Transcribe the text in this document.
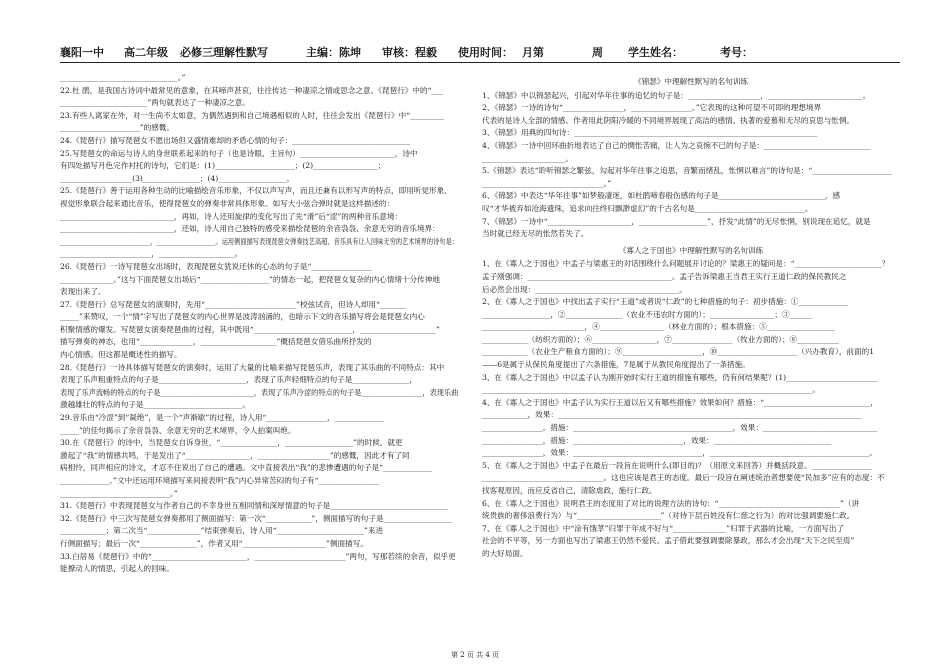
襄阳一中 高二年级 必修三理解性默写	主编：陈坤 审核：程毅 使用时间： 月第	周 学生姓名：	考号：

_______________________________。”

22.杜 鹃，是我国古诗词中最常见的意象，在其啼声甚哀，往往传达一种凄凉之情或思念之意。《琵琶行》中的“___

_______________________”两句就表达了一种凄凉之意。

23.有些人离家在外，对一生尚不太如意，为偶然遇到和自己境遇相似的人时，往往会发出《琵琶行》中“_________

_____________________”的感慨。

24.《琵琶行》描写琵琶女不愿出场但又盛情难却的矛盾心情的句子：_______________________________

25.写琵琶女的命运与诗人的身世联系起来的句子（也是诗眼、主旨句）_________________________，诗中

有四处描写月色完作衬托的诗句，它们是：(1)_____________________；(2)_________________；

___________________(3)_______________；(4)__________________。

25.《琵琶行》善于运用各种生动的比喻描绘音乐形象，不仅以声写声，而且还兼有以形写声的特点，即用听觉形象、

视觉形象联合起来通比音乐，使得琵琶女的弹奏非常具体形象。如写大小弦合弹时就是这样描述的：

______________________________，再如，诗人还用旋律的变化写出了先“滑”后“涩”的两种音乐意境：

______________________________，还如，诗人用自己独特的感受来描绘琵琶的余音袅袅、余意无穷的音乐境界：

_____________________________，___________________。运用侧面描写表现琵琶女弹奏技艺高超、音乐具有让人回味无穷的艺术境界的诗句是：

________________________，____________________。

26.《琵琶行》一诗写琵琶女出场时，表现琵琶女犹说还休的心态的句子是“________________

______________。”这与下面琵琶女出场后“__________________”的情态一起，把琵琶女复杂的内心情绪十分传神地

表现出来了。

27.《琵琶行》总写琵琶女的演奏时，先用“________________________”校弦试音，但诗人却用“_______

_____”来赞叹，一个“情”字写出了琵琶女的内心世界是波涛汹涌的，也暗示下文的音乐描写将会是琵琶女内心

积聚情感的爆发。写琵琶女演奏琵琶曲的过程，其中既用“__________________________，____________________”

描写弹奏的神态，也用“______________，____________________”概括琵琶女借乐曲所抒发的

内心情感。但这都是概述性的描写。

28.《琵琶行》一诗具体描写琵琶女的演奏时，运用了大量的比喻来描写琵琶乐声，表现了其乐曲的不同特点：其中

表现了乐声粗重特点的句子是_______________________，表现了乐声轻细特点的句子是_______________，

表现了乐声流畅的特点的句子是__________________________，表现了乐声冷涩的特点的句子是_________________，表现乐曲

激越雄壮的特点的句子是__________________________。

29.音乐由“冷涩”到“凝绝”，是一个“声渐歇”的过程，诗人用“________________，_____________

_____”的佳句揭示了余音袅袅、余意无穷的艺术境界，令人拍案叫绝。

30.在《琵琶行》的诗中，当琵琶女自诉身世，“_______________，__________________”的时候，就更

激起了“我”的情感共鸣，于是发出了“_________________，___________________”的感慨，因此才有了同

病相怜，同声相应的诗文，才忍不住说出了自己的遭遇。文中直接表出“我”的悲惨遭遇的句子是“_____________

_____________。”文中还运用环境描写来间接表明“我”内心异常苦闷的句子有“________________

_____________________________。”

31.《琵琶行》中表现琵琶女与作者自己的不幸身世互相同情和深厚情意的句子是_______________________________

32.《琵琶行》中三次写琵琶女弹奏都用了侧面描写：第一次“____________”，侧面描写的句子是__________________

____________；第二次当“______________”结束弹奏后，诗人用“_______________________”来进

行侧面描写；最后一次“_______________”，作者又用“______________________”侧面描写。

33.白居易《琵琶行》中的“_________________________，________________________”两句，写那若续的余音，似乎更

能撩动人的情思，引起人的回味。

《锦瑟》中理解性默写的名句训练

1、《锦瑟》中以锦瑟起兴，引起对华年往事的追忆的句子是：___________________，_________________________。

2、《锦瑟》一诗的诗句“________________，________________。”它表现的这种可望不可即的理想境界

代表的是诗人全部的情感。作者用此阴阳冷暖的不同境界展现了高洁的感情、执著的爱慕和无尽的哀思与怅惘。

3、《锦瑟》用典的四句诗：________________________________________________________________

4、《锦瑟》一诗中回环曲折地表达了自己的惆怅苦痛，让人为之哀惋不已的句子是：____________________________

______________________。

5.《锦瑟》表达“聆听锦瑟之繁弦，勾起对华年往事之追思，音繁而绪乱，怅惘以难言”的诗句是：“_____________________

________________________________。”

6、《锦瑟》中表达“华年往事”如梦般凄迷，如杜鹃啼春般伤感的句子是____________________________，感

叹“才华被弃如沧海遗珠，追求向往终归飘渺虚幻”的千古名句是_____________________________。

7、《锦瑟》一诗中“______________________，__________________”，抒发“此情”的无尽怅惘，别说现在追忆，就是

当时就已经无尽的怅然若失了。

《寡人之于国也》中理解性默写的名句训练

1、在《寡人之于国也》中孟子与梁惠王的对话围绕什么问题展开讨论的？梁惠王的疑问是：“_______________________？

孟子刚强调：______________________________________。孟子告诉梁惠王当君王实行王道仁政的保民教民之

后必然会出现：______________________________________。

2、在《寡人之于国也》中找出孟子实行“王道”或者说“仁政”的七种措施的句子：初步措施：①_____________

__________________，②_______________（农业不违农时方面的）；_________________；③______

___________________________，④_________________（林业方面的）；根本措施：⑤__________________

____________（纺织方面的）；⑥_________________，⑦________________（牧业方面的）；⑧___________

____________（农业生产粮食方面的）；⑨_____________________，⑩_____________________（兴办教育），前面的1

——6是属于从保民角度提出了六条措施，7是属于从教民角度提出了一条措施。

3、在《寡人之于国也》中以孟子认为刚开始时实行王道的措施有哪些，仍有何结果呢？(1)________________________

_______________________________________________________________________________________。

4、在《寡人之于国也》中孟子认为实行王道以后又有哪些措施？效果如何？措施：“____________________________，

____________，效果：________________________________________________________________________________

________________。措施：__________________________________________，效果：______________________________

________________，措施：_____________________________，效果：_______________________________

________________，效果：__________________________________，__________________________________________。

5、在《寡人之于国也》中孟子在最后一段旨在说明什么(即目的)？（用原文来回答）并概括段意。________________

________________________________。这也应该是君王的态度。最后一段旨在阐述统治者想要使“民加多”应有的态度：不

找客观原因，而应反省自己，清除虐政，施行仁政。

6、在《寡人之于国也》说明君王的态度用了对比的说理方法的诗句：“________________________________”（讲

统贵族的奢侈浪费行为）与“______________________”（对待下层百姓没有仁慈之行为）的对比强调要施仁政。

7、在《寡人之于国也》中“涂有饿莩”归罪于年成不好与“______________”归罪于武器的比喻，一方面写出了

社会的不平等，另一方面也写出了梁惠王仍然不爱民。孟子借此要强调要除暴政，那么才会出现“天下之民至焉”

的大好局面。

第 2 页 共 4 页
